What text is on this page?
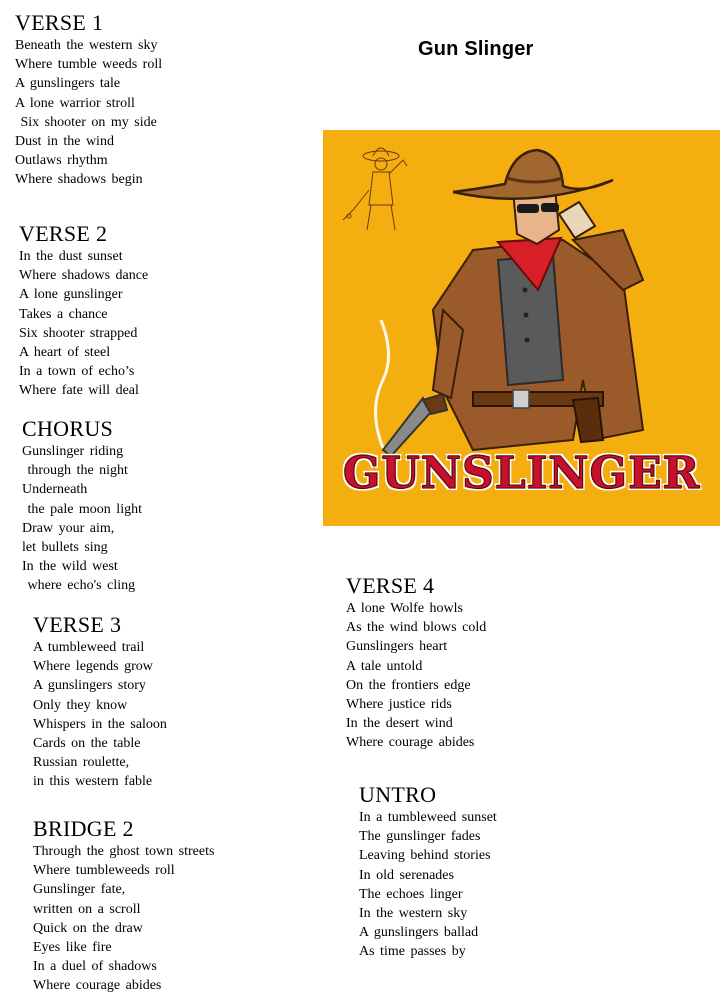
Gun Slinger
VERSE 1
Beneath the western sky
Where tumble weeds roll
A gunslingers tale
A lone warrior stroll
Six shooter on my side
Dust in the wind
Outlaws rhythm
Where shadows begin
VERSE 2
In the dust sunset
Where shadows dance
A lone gunslinger
Takes a chance
Six shooter strapped
A heart of steel
In a town of echo’s
Where fate will deal
CHORUS
Gunslinger riding
through the night
Underneath
the pale moon light
Draw your aim,
let bullets sing
In the wild west
where echo's cling
VERSE 3
A tumbleweed trail
Where legends grow
A gunslingers story
Only they know
Whispers in the saloon
Cards on the table
Russian roulette,
in this western fable
BRIDGE 2
Through the ghost town streets
Where tumbleweeds roll
Gunslinger fate,
written on a scroll
Quick on the draw
Eyes like fire
In a duel of shadows
Where courage abides
VERSE 4
A lone Wolfe howls
As the wind blows cold
Gunslingers heart
A tale untold
On the frontiers edge
Where justice rids
In the desert wind
Where courage abides
UNTRO
In a tumbleweed sunset
The gunslinger fades
Leaving behind stories
In old serenades
The echoes linger
In the western sky
A gunslingers ballad
As time passes by
GUNSLINGER
